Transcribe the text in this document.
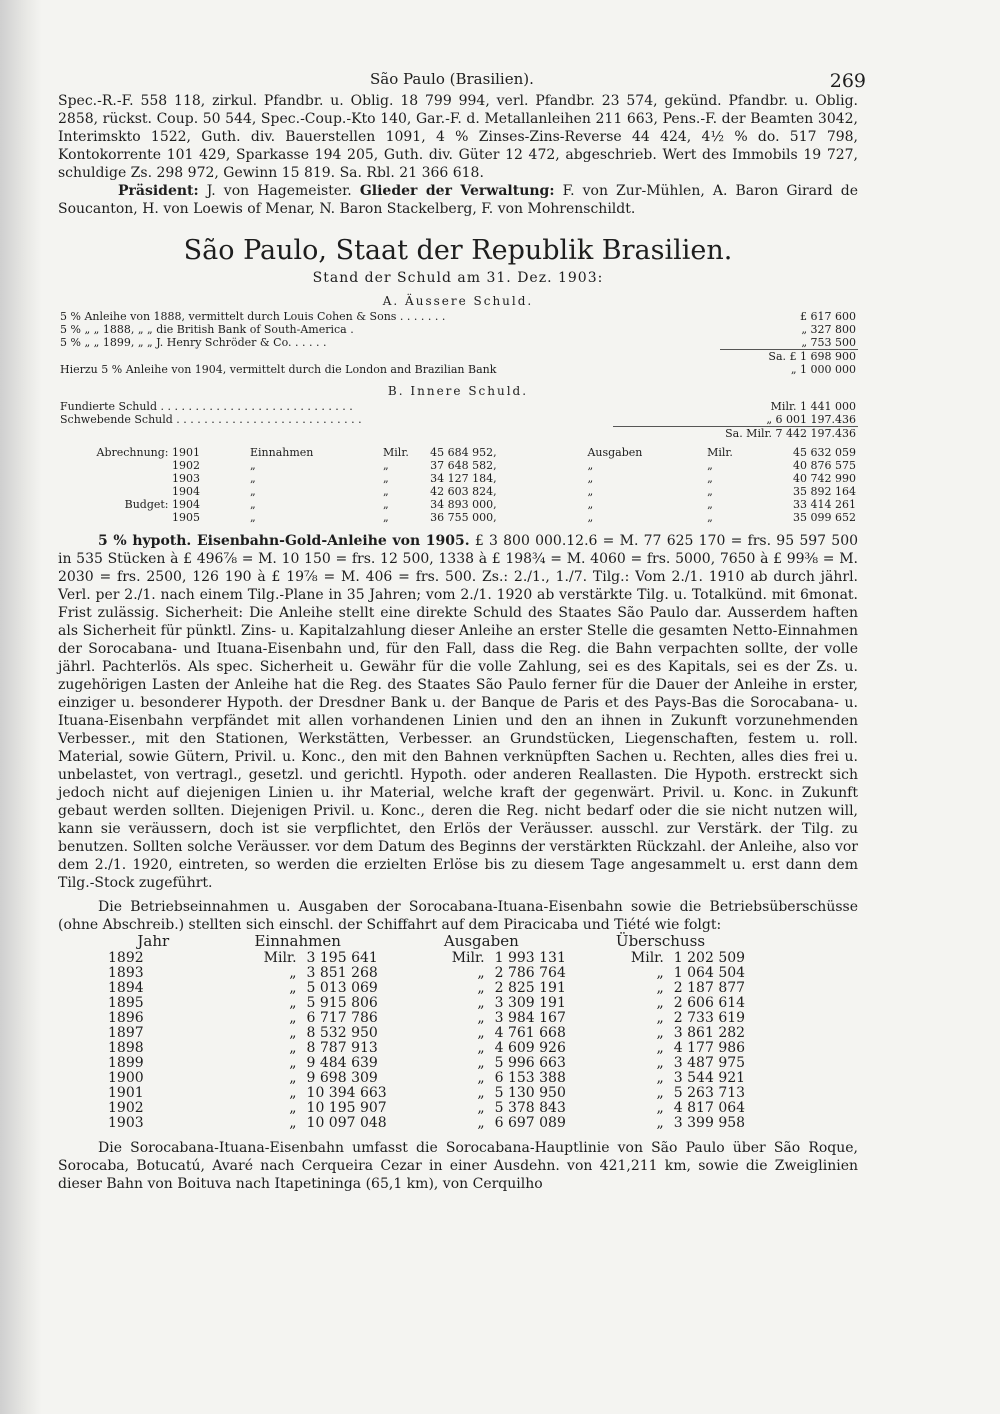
São Paulo (Brasilien).	269

Spec.-R.-F. 558 118, zirkul. Pfandbr. u. Oblig. 18 799 994, verl. Pfandbr. 23 574, gekünd. Pfandbr. u. Oblig. 2858, rückst. Coup. 50 544, Spec.-Coup.-Kto 140, Gar.-F. d. Metallanleihen 211 663, Pens.-F. der Beamten 3042, Interimskto 1522, Guth. div. Bauerstellen 1091, 4 % Zinses-Zins-Reverse 44 424, 4½ % do. 517 798, Kontokorrente 101 429, Sparkasse 194 205, Guth. div. Güter 12 472, abgeschrieb. Wert des Immobils 19 727, schuldige Zs. 298 972, Gewinn 15 819. Sa. Rbl. 21 366 618.

Präsident: J. von Hagemeister. Glieder der Verwaltung: F. von Zur-Mühlen, A. Baron Girard de Soucanton, H. von Loewis of Menar, N. Baron Stackelberg, F. von Mohrenschildt.

São Paulo, Staat der Republik Brasilien.
Stand der Schuld am 31. Dez. 1903:
A. Äussere Schuld.
5 % Anleihe von 1888, vermittelt durch Louis Cohen & Sons . . . . . . .	£ 617 600
5 % „ „ 1888, „ „ die British Bank of South-America .	„ 327 800
5 % „ „ 1899, „ „ J. Henry Schröder & Co. . . . . .	„ 753 500
	Sa. £ 1 698 900
Hierzu 5 % Anleihe von 1904, vermittelt durch die London and Brazilian Bank	„ 1 000 000
B. Innere Schuld.
Fundierte Schuld . . . . . . . . . . . . . . . . . . . . . . . . . . . .	Milr. 1 441 000
Schwebende Schuld . . . . . . . . . . . . . . . . . . . . . . . . . . .	„ 6 001 197.436
	Sa. Milr. 7 442 197.436
Abrechnung: 1901	Einnahmen	Milr.	45 684 952,	Ausgaben	Milr.	45 632 059
1902	„	„	37 648 582,	„	„	40 876 575
1903	„	„	34 127 184,	„	„	40 742 990
1904	„	„	42 603 824,	„	„	35 892 164
Budget: 1904	„	„	34 893 000,	„	„	33 414 261
1905	„	„	36 755 000,	„	„	35 099 652

5 % hypoth. Eisenbahn-Gold-Anleihe von 1905. £ 3 800 000.12.6 = M. 77 625 170 = frs. 95 597 500 in 535 Stücken à £ 496⅞ = M. 10 150 = frs. 12 500, 1338 à £ 198¾ = M. 4060 = frs. 5000, 7650 à £ 99⅜ = M. 2030 = frs. 2500, 126 190 à £ 19⅞ = M. 406 = frs. 500. Zs.: 2./1., 1./7. Tilg.: Vom 2./1. 1910 ab durch jährl. Verl. per 2./1. nach einem Tilg.-Plane in 35 Jahren; vom 2./1. 1920 ab verstärkte Tilg. u. Totalkünd. mit 6monat. Frist zulässig. Sicherheit: Die Anleihe stellt eine direkte Schuld des Staates São Paulo dar. Ausserdem haften als Sicherheit für pünktl. Zins- u. Kapitalzahlung dieser Anleihe an erster Stelle die gesamten Netto-Einnahmen der Sorocabana- und Ituana-Eisenbahn und, für den Fall, dass die Reg. die Bahn verpachten sollte, der volle jährl. Pachterlös. Als spec. Sicherheit u. Gewähr für die volle Zahlung, sei es des Kapitals, sei es der Zs. u. zugehörigen Lasten der Anleihe hat die Reg. des Staates São Paulo ferner für die Dauer der Anleihe in erster, einziger u. besonderer Hypoth. der Dresdner Bank u. der Banque de Paris et des Pays-Bas die Sorocabana- u. Ituana-Eisenbahn verpfändet mit allen vorhandenen Linien und den an ihnen in Zukunft vorzunehmenden Verbesser., mit den Stationen, Werkstätten, Verbesser. an Grundstücken, Liegenschaften, festem u. roll. Material, sowie Gütern, Privil. u. Konc., den mit den Bahnen verknüpften Sachen u. Rechten, alles dies frei u. unbelastet, von vertragl., gesetzl. und gerichtl. Hypoth. oder anderen Reallasten. Die Hypoth. erstreckt sich jedoch nicht auf diejenigen Linien u. ihr Material, welche kraft der gegenwärt. Privil. u. Konc. in Zukunft gebaut werden sollten. Diejenigen Privil. u. Konc., deren die Reg. nicht bedarf oder die sie nicht nutzen will, kann sie veräussern, doch ist sie verpflichtet, den Erlös der Veräusser. ausschl. zur Verstärk. der Tilg. zu benutzen. Sollten solche Veräusser. vor dem Datum des Beginns der verstärkten Rückzahl. der Anleihe, also vor dem 2./1. 1920, eintreten, so werden die erzielten Erlöse bis zu diesem Tage angesammelt u. erst dann dem Tilg.-Stock zugeführt.

Die Betriebseinnahmen u. Ausgaben der Sorocabana-Ituana-Eisenbahn sowie die Betriebsüberschüsse (ohne Abschreib.) stellten sich einschl. der Schiffahrt auf dem Piracicaba und Tiété wie folgt:

Jahr	Einnahmen		Ausgaben		Überschuss	
1892	Milr.	3 195 641	Milr.	1 993 131	Milr.	1 202 509
1893	„	3 851 268	„	2 786 764	„	1 064 504
1894	„	5 013 069	„	2 825 191	„	2 187 877
1895	„	5 915 806	„	3 309 191	„	2 606 614
1896	„	6 717 786	„	3 984 167	„	2 733 619
1897	„	8 532 950	„	4 761 668	„	3 861 282
1898	„	8 787 913	„	4 609 926	„	4 177 986
1899	„	9 484 639	„	5 996 663	„	3 487 975
1900	„	9 698 309	„	6 153 388	„	3 544 921
1901	„	10 394 663	„	5 130 950	„	5 263 713
1902	„	10 195 907	„	5 378 843	„	4 817 064
1903	„	10 097 048	„	6 697 089	„	3 399 958

Die Sorocabana-Ituana-Eisenbahn umfasst die Sorocabana-Hauptlinie von São Paulo über São Roque, Sorocaba, Botucatú, Avaré nach Cerqueira Cezar in einer Ausdehn. von 421,211 km, sowie die Zweiglinien dieser Bahn von Boituva nach Itapetininga (65,1 km), von Cerquilho
